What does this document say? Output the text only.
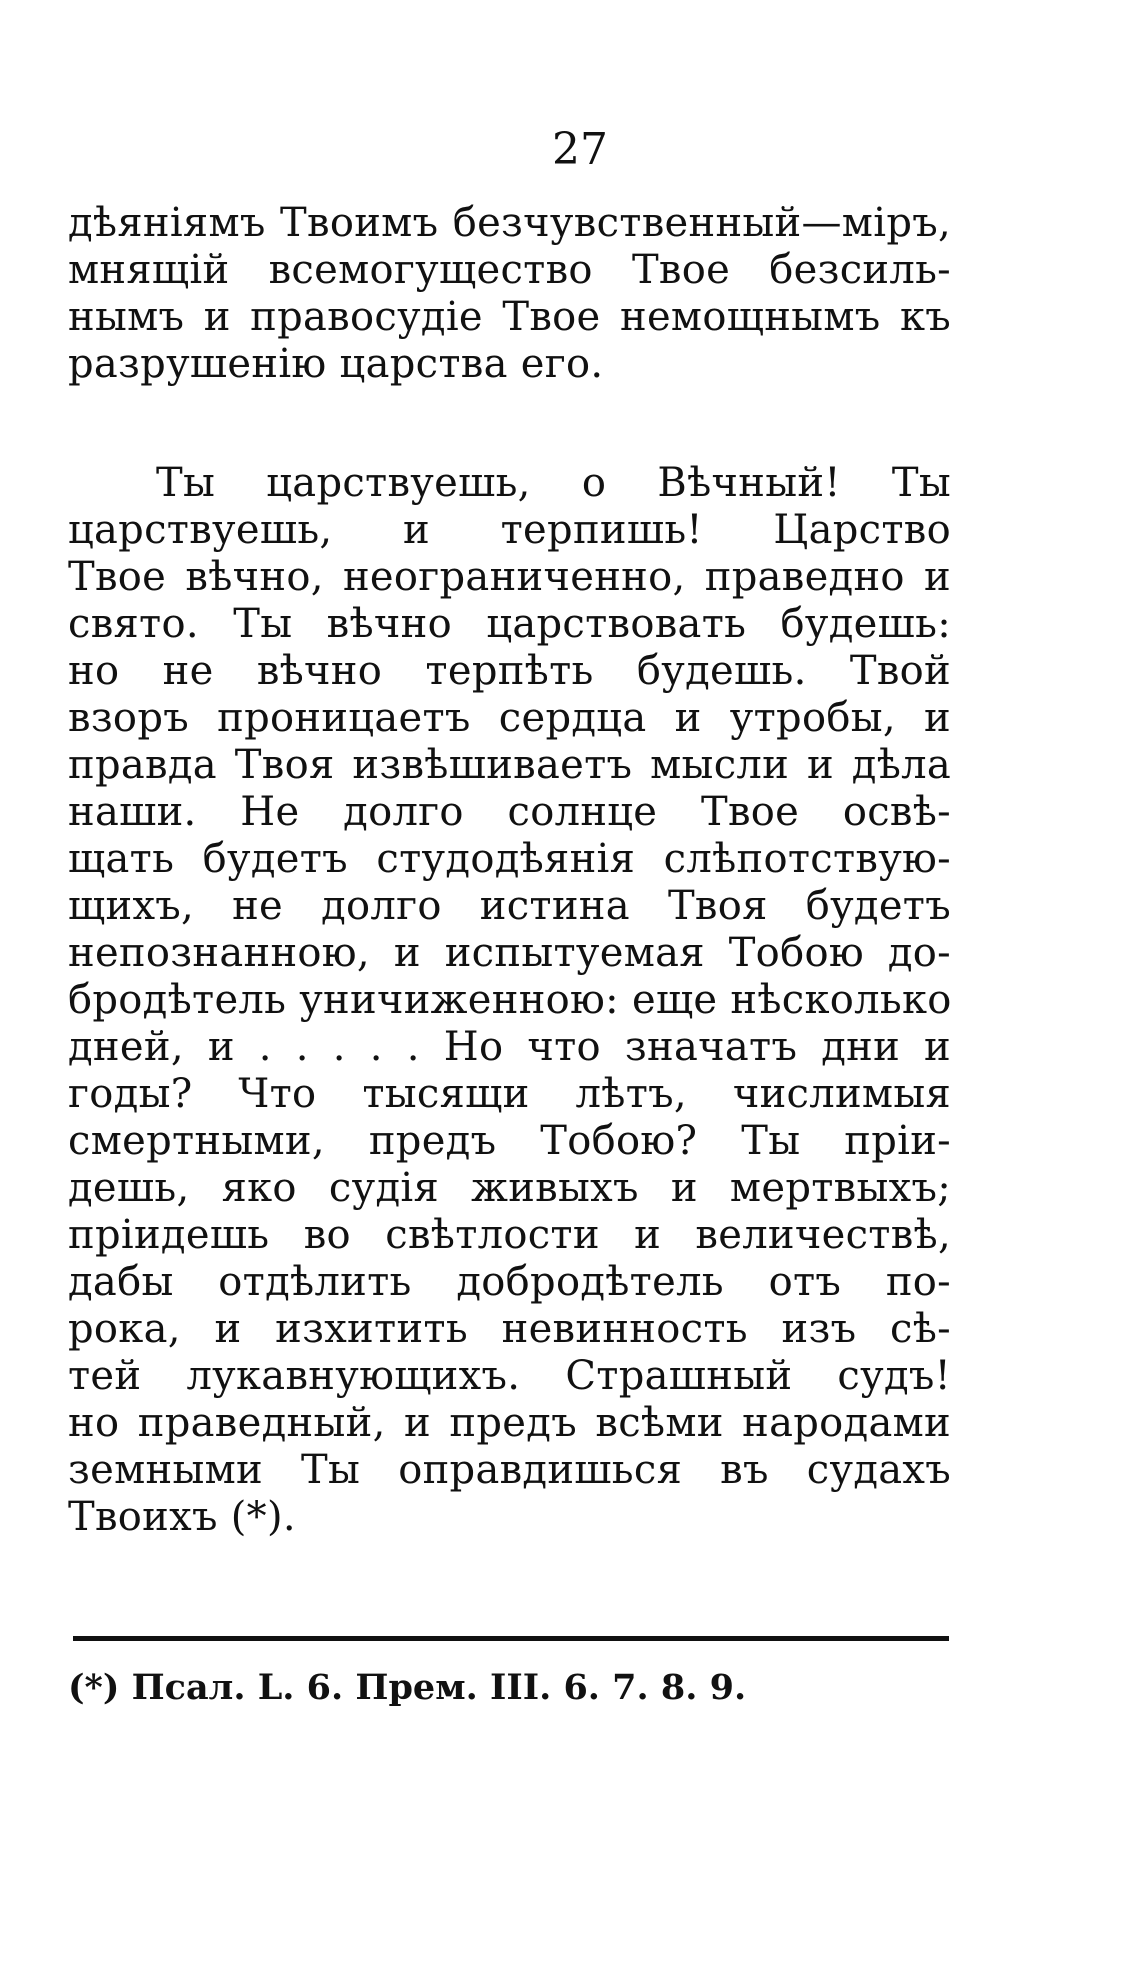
27
дѣяніямъ Твоимъ безчувственный—міръ,
мнящій всемогущество Твое безсиль-
нымъ и правосудіе Твое немощнымъ къ
разрушенію царства его.
Ты царствуешь, о Вѣчный! Ты
царствуешь, и терпишь! Царство
Твое вѣчно, неограниченно, праведно и
свято. Ты вѣчно царствовать будешь:
но не вѣчно терпѣть будешь. Твой
взоръ проницаетъ сердца и утробы, и
правда Твоя извѣшиваетъ мысли и дѣла
наши. Не долго солнце Твое освѣ-
щать будетъ студодѣянія слѣпотствую-
щихъ, не долго истина Твоя будетъ
непознанною, и испытуемая Тобою до-
бродѣтель уничиженною: еще нѣсколько
дней, и . . . . . Но что значатъ дни и
годы? Что тысящи лѣтъ, числимыя
смертными, предъ Тобою? Ты пріи-
дешь, яко судія живыхъ и мертвыхъ;
пріидешь во свѣтлости и величествѣ,
дабы отдѣлить добродѣтель отъ по-
рока, и изхитить невинность изъ сѣ-
тей лукавнующихъ. Страшный судъ!
но праведный, и предъ всѣми народами
земными Ты оправдишься въ судахъ
Твоихъ (*).
(*) Псал. L. 6. Прем. III. 6. 7. 8. 9.
